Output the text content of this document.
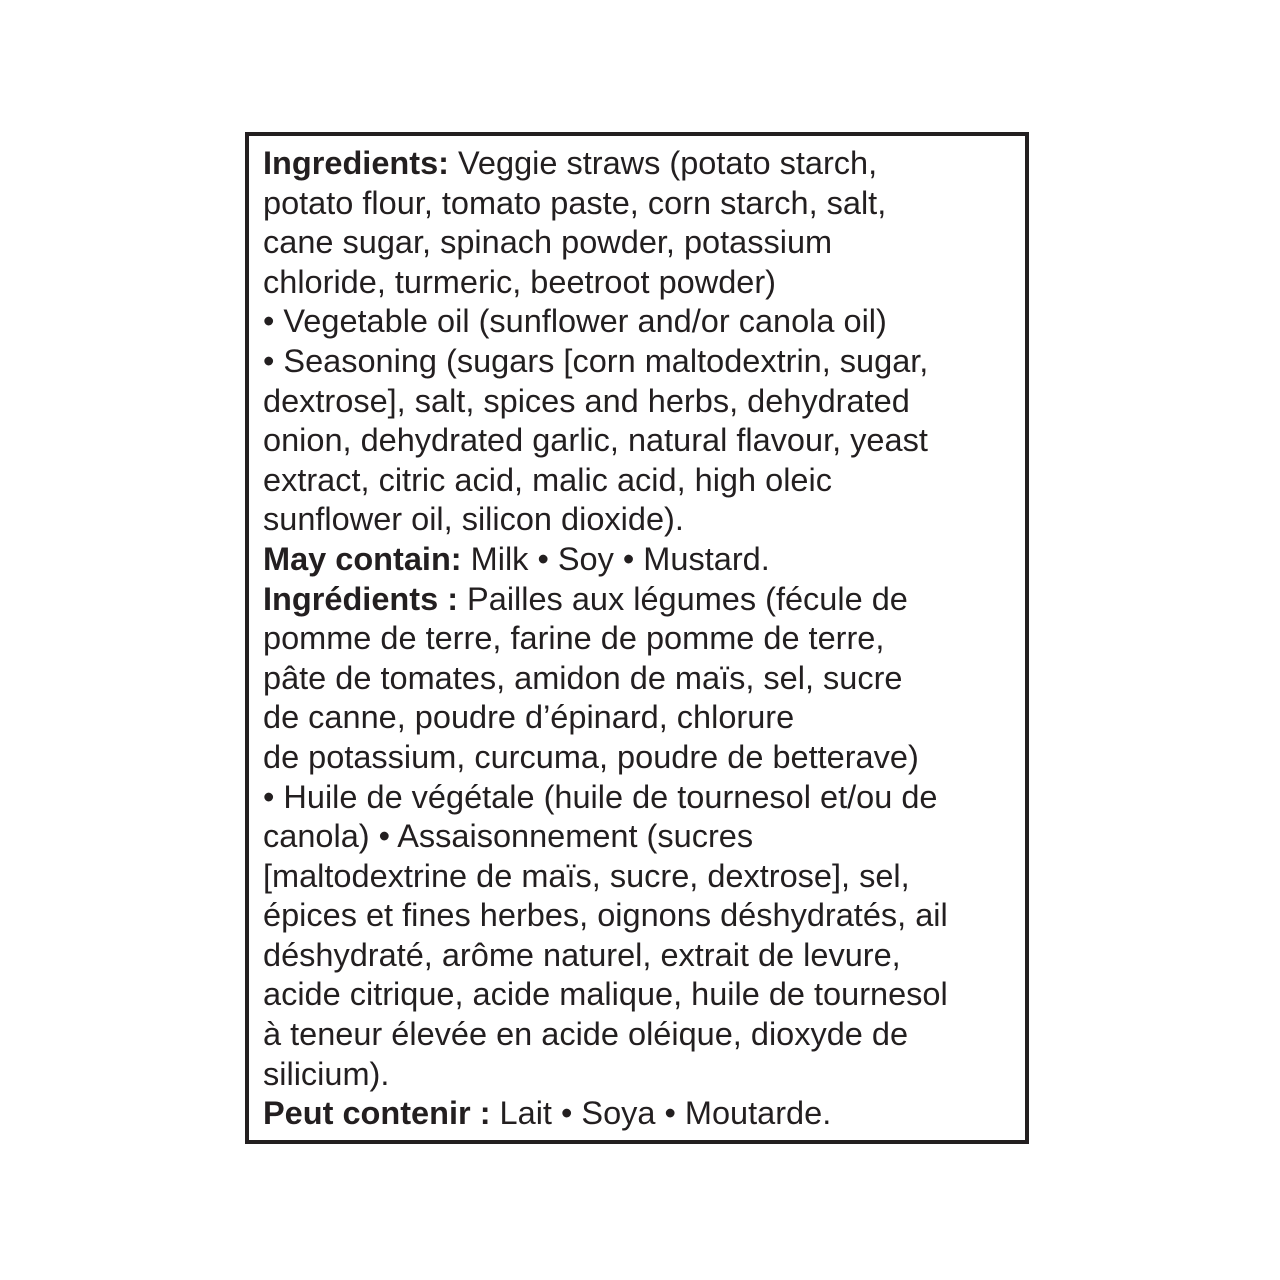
Ingredients: Veggie straws (potato starch,
potato flour, tomato paste, corn starch, salt,
cane sugar, spinach powder, potassium
chloride, turmeric, beetroot powder)
• Vegetable oil (sunflower and/or canola oil)
• Seasoning (sugars [corn maltodextrin, sugar,
dextrose], salt, spices and herbs, dehydrated
onion, dehydrated garlic, natural flavour, yeast
extract, citric acid, malic acid, high oleic
sunflower oil, silicon dioxide).
May contain: Milk • Soy • Mustard.
Ingrédients : Pailles aux légumes (fécule de
pomme de terre, farine de pomme de terre,
pâte de tomates, amidon de maïs, sel, sucre
de canne, poudre d’épinard, chlorure
de potassium, curcuma, poudre de betterave)
• Huile de végétale (huile de tournesol et/ou de
canola) • Assaisonnement (sucres
[maltodextrine de maïs, sucre, dextrose], sel,
épices et fines herbes, oignons déshydratés, ail
déshydraté, arôme naturel, extrait de levure,
acide citrique, acide malique, huile de tournesol
à teneur élevée en acide oléique, dioxyde de
silicium).
Peut contenir : Lait • Soya • Moutarde.
